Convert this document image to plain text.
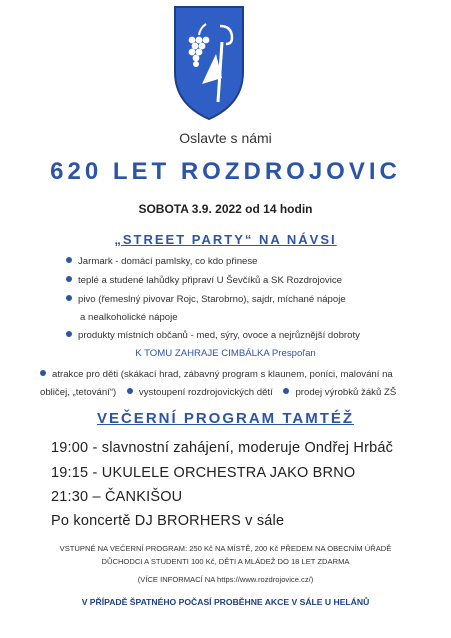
Oslavte s námi
620 LET ROZDROJOVIC
SOBOTA 3.9. 2022 od 14 hodin
„STREET PARTY“ NA NÁVSI
Jarmark - domácí pamlsky, co kdo přinese
teplé a studené lahůdky připraví U Ševčíků a SK Rozdrojovice
pivo (řemeslný pivovar Rojc, Starobrno), sajdr, míchané nápoje
a nealkoholické nápoje
produkty místních občanů - med, sýry, ovoce a nejrůznější dobroty
K TOMU ZAHRAJE CIMBÁLKA Prespoľan
atrakce pro děti (skákací hrad, zábavný program s klaunem, poníci, malování na
obličej, „tetování“) vystoupení rozdrojovických dětí prodej výrobků žáků ZŠ
VEČERNÍ PROGRAM TAMTÉŽ
19:00 - slavnostní zahájení, moderuje Ondřej Hrbáč
19:15 - UKULELE ORCHESTRA JAKO BRNO
21:30 – ČANKIŠOU
Po koncertě DJ BRORHERS v sále
VSTUPNÉ NA VEČERNÍ PROGRAM: 250 Kč NA MÍSTĚ, 200 Kč PŘEDEM NA OBECNÍM ÚŘADĚ
DŮCHODCI A STUDENTI 100 Kč, DĚTI A MLÁDEŽ DO 18 LET ZDARMA
(VÍCE INFORMACÍ NA https://www.rozdrojovice.cz/)
V PŘÍPADĚ ŠPATNÉHO POČASÍ PROBĚHNE AKCE V SÁLE U HELÁNŮ
